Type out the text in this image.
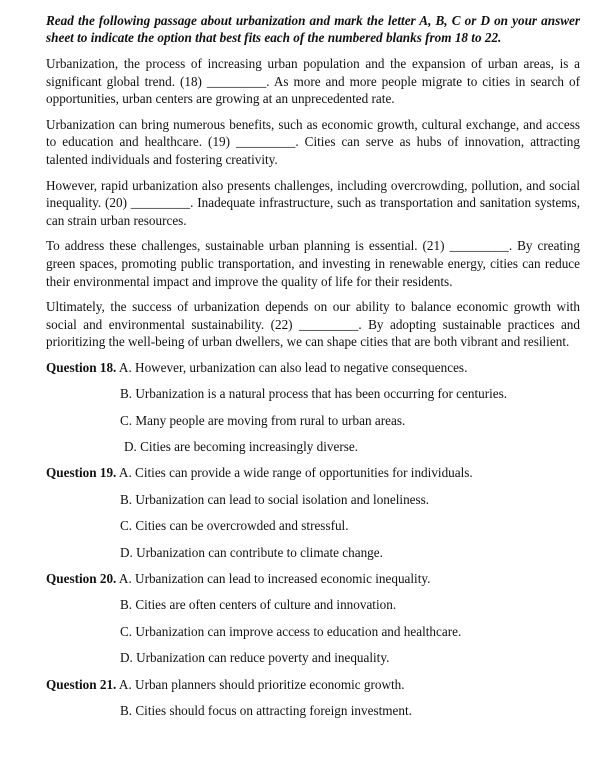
Read the following passage about urbanization and mark the letter A, B, C or D on your answer sheet to indicate the option that best fits each of the numbered blanks from 18 to 22.

Urbanization, the process of increasing urban population and the expansion of urban areas, is a significant global trend. (18) _________. As more and more people migrate to cities in search of opportunities, urban centers are growing at an unprecedented rate.

Urbanization can bring numerous benefits, such as economic growth, cultural exchange, and access to education and healthcare. (19) _________. Cities can serve as hubs of innovation, attracting talented individuals and fostering creativity.

However, rapid urbanization also presents challenges, including overcrowding, pollution, and social inequality. (20) _________. Inadequate infrastructure, such as transportation and sanitation systems, can strain urban resources.

To address these challenges, sustainable urban planning is essential. (21) _________. By creating green spaces, promoting public transportation, and investing in renewable energy, cities can reduce their environmental impact and improve the quality of life for their residents.

Ultimately, the success of urbanization depends on our ability to balance economic growth with social and environmental sustainability. (22) _________. By adopting sustainable practices and prioritizing the well-being of urban dwellers, we can shape cities that are both vibrant and resilient.

Question 18. A. However, urbanization can also lead to negative consequences.
B. Urbanization is a natural process that has been occurring for centuries.
C. Many people are moving from rural to urban areas.
D. Cities are becoming increasingly diverse.
Question 19. A. Cities can provide a wide range of opportunities for individuals.
B. Urbanization can lead to social isolation and loneliness.
C. Cities can be overcrowded and stressful.
D. Urbanization can contribute to climate change.
Question 20. A. Urbanization can lead to increased economic inequality.
B. Cities are often centers of culture and innovation.
C. Urbanization can improve access to education and healthcare.
D. Urbanization can reduce poverty and inequality.
Question 21. A. Urban planners should prioritize economic growth.
B. Cities should focus on attracting foreign investment.
